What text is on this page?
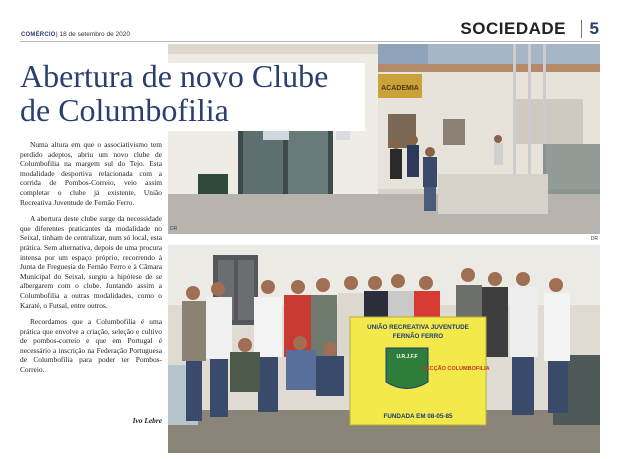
COMÉRCIO | 18 de setembro de 2020	SOCIEDADE 5
ACADEMIA
DR
UNIÃO RECREATIVA JUVENTUDE
FERNÃO FERRO
U.R.J.F.F
SECÇÃO COLUMBOFILIA
FUNDADA EM 08-05-85
DR
Abertura de novo Clube
de Columbofilia

Numa altura em que o associativismo tem perdido adeptos, abriu um novo clube de Columbofilia na margem sul do Tejo. Esta modalidade desportiva relacionada com a corrida de Pombos-Correio, veio assim completar o clube já existente, União Recreativa Juventude de Fernão Ferro.

A abertura deste clube surge da necessidade que diferentes praticantes da modalidade no Seixal, tinham de centralizar, num só local, esta prática. Sem alternativa, depois de uma procura intensa por um espaço próprio, recorrendo à Junta de Freguesia de Fernão Ferro e à Câmara Municipal do Seixal, surgiu a hipótese de se albergarem com o clube. Juntando assim a Columbofilia a outras modalidades, como o Karaté, o Futsal, entre outros.

Recordamos que a Columbofilia é uma prática que envolve a criação, seleção e cultivo de pombos-correio e que em Portugal é necessário a inscrição na Federação Portuguesa de Columbofilia para poder ter Pombos-Correio.

Ivo Lebre
